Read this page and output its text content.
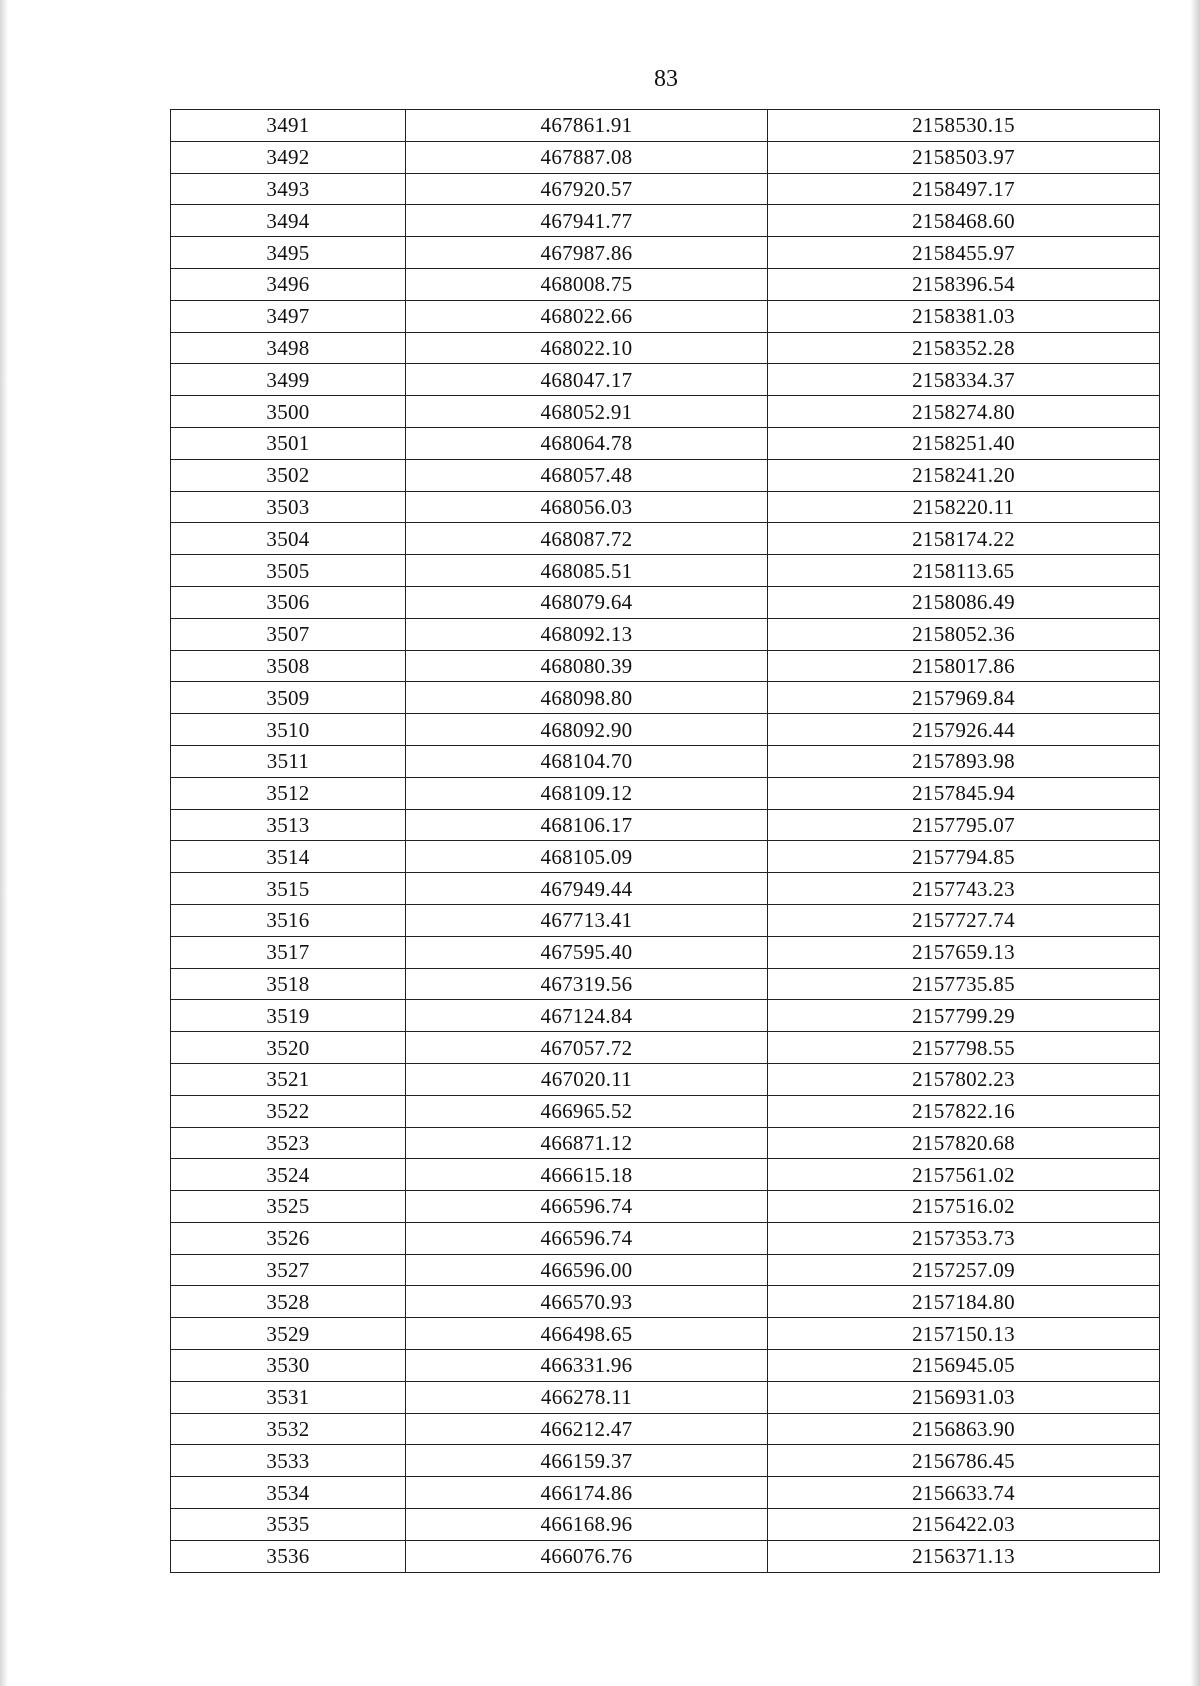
83
3491	467861.91	2158530.15
3492	467887.08	2158503.97
3493	467920.57	2158497.17
3494	467941.77	2158468.60
3495	467987.86	2158455.97
3496	468008.75	2158396.54
3497	468022.66	2158381.03
3498	468022.10	2158352.28
3499	468047.17	2158334.37
3500	468052.91	2158274.80
3501	468064.78	2158251.40
3502	468057.48	2158241.20
3503	468056.03	2158220.11
3504	468087.72	2158174.22
3505	468085.51	2158113.65
3506	468079.64	2158086.49
3507	468092.13	2158052.36
3508	468080.39	2158017.86
3509	468098.80	2157969.84
3510	468092.90	2157926.44
3511	468104.70	2157893.98
3512	468109.12	2157845.94
3513	468106.17	2157795.07
3514	468105.09	2157794.85
3515	467949.44	2157743.23
3516	467713.41	2157727.74
3517	467595.40	2157659.13
3518	467319.56	2157735.85
3519	467124.84	2157799.29
3520	467057.72	2157798.55
3521	467020.11	2157802.23
3522	466965.52	2157822.16
3523	466871.12	2157820.68
3524	466615.18	2157561.02
3525	466596.74	2157516.02
3526	466596.74	2157353.73
3527	466596.00	2157257.09
3528	466570.93	2157184.80
3529	466498.65	2157150.13
3530	466331.96	2156945.05
3531	466278.11	2156931.03
3532	466212.47	2156863.90
3533	466159.37	2156786.45
3534	466174.86	2156633.74
3535	466168.96	2156422.03
3536	466076.76	2156371.13
